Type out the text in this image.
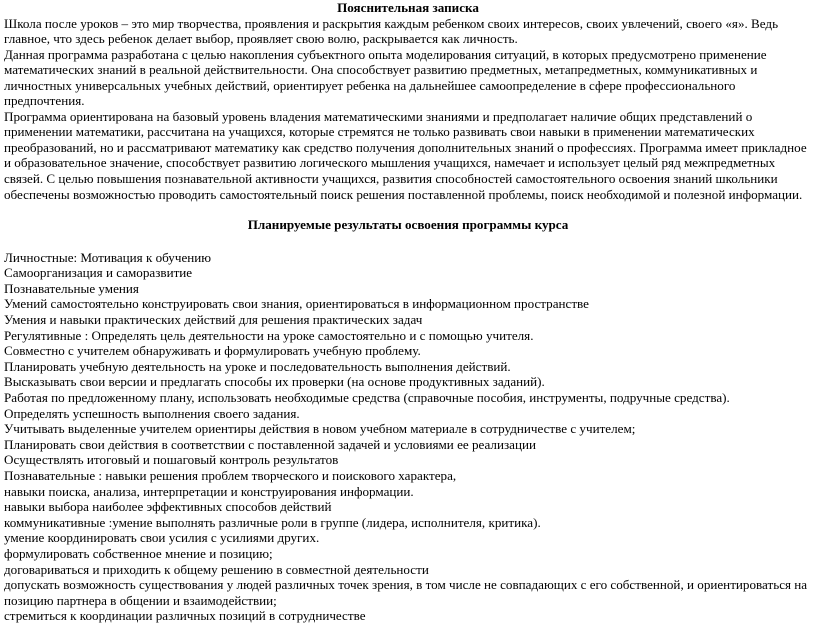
Пояснительная записка

Школа после уроков – это мир творчества, проявления и раскрытия каждым ребенком своих интересов, своих увлечений, своего «я». Ведь главное, что здесь ребенок делает выбор, проявляет свою волю, раскрывается как личность.

Данная программа разработана с целью накопления субъектного опыта моделирования ситуаций, в которых предусмотрено применение математических знаний в реальной действительности. Она способствует развитию предметных, метапредметных, коммуникативных и личностных универсальных учебных действий, ориентирует ребенка на дальнейшее самоопределение в сфере профессионального предпочтения.

Программа ориентирована на базовый уровень владения математическими знаниями и предполагает наличие общих представлений о применении математики, рассчитана на учащихся, которые стремятся не только развивать свои навыки в применении математических преобразований, но и рассматривают математику как средство получения дополнительных знаний о профессиях. Программа имеет прикладное и образовательное значение, способствует развитию логического мышления учащихся, намечает и использует целый ряд межпредметных связей. С целью повышения познавательной активности учащихся, развития способностей самостоятельного освоения знаний школьники обеспечены возможностью проводить самостоятельный поиск решения поставленной проблемы, поиск необходимой и полезной информации.

Планируемые результаты освоения программы курса
Личностные: Мотивация к обучению
Самоорганизация и саморазвитие
Познавательные умения
Умений самостоятельно конструировать свои знания, ориентироваться в информационном пространстве
Умения и навыки практических действий для решения практических задач
Регулятивные : Определять цель деятельности на уроке самостоятельно и с помощью учителя.
Совместно с учителем обнаруживать и формулировать учебную проблему.
Планировать учебную деятельность на уроке и последовательность выполнения действий.
Высказывать свои версии и предлагать способы их проверки (на основе продуктивных заданий).
Работая по предложенному плану, использовать необходимые средства (справочные пособия, инструменты, подручные средства).
Определять успешность выполнения своего задания.
Учитывать выделенные учителем ориентиры действия в новом учебном материале в сотрудничестве с учителем;
Планировать свои действия в соответствии с поставленной задачей и условиями ее реализации
Осуществлять итоговый и пошаговый контроль результатов
Познавательные : навыки решения проблем творческого и поискового характера,
навыки поиска, анализа, интерпретации и конструирования информации.
навыки выбора наиболее эффективных способов действий
коммуникативные :умение выполнять различные роли в группе (лидера, исполнителя, критика).
умение координировать свои усилия с усилиями других.
формулировать собственное мнение и позицию;
договариваться и приходить к общему решению в совместной деятельности
допускать возможность существования у людей различных точек зрения, в том числе не совпадающих с его собственной, и ориентироваться на позицию партнера в общении и взаимодействии;
стремиться к координации различных позиций в сотрудничестве
